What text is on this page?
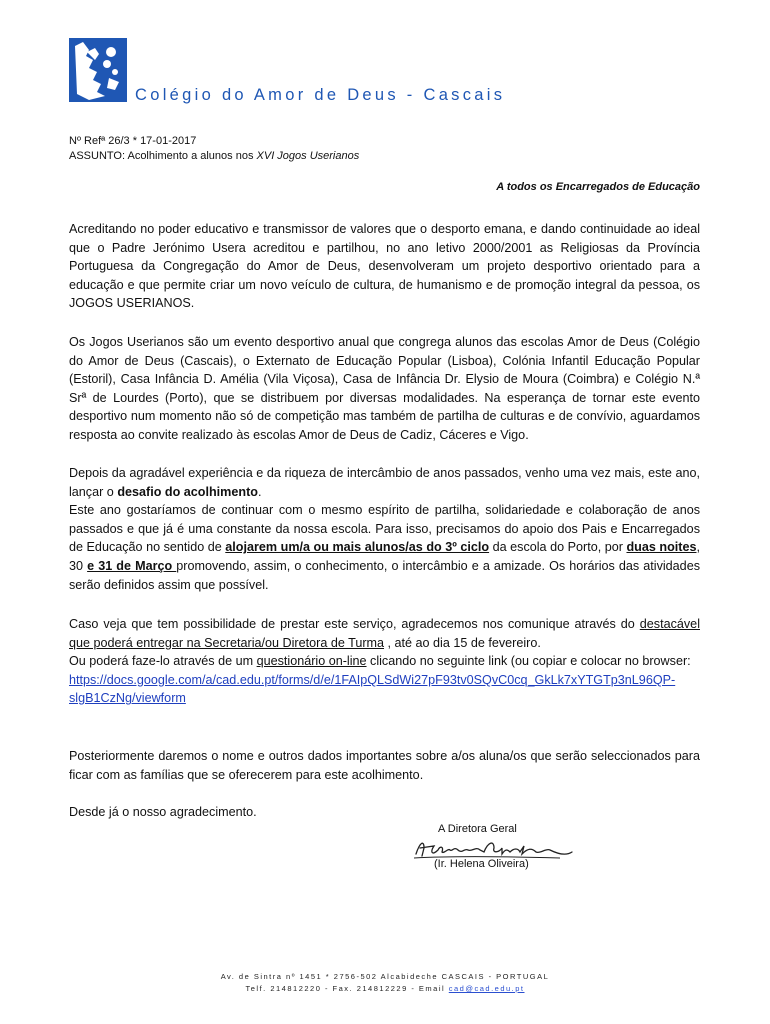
Colégio do Amor de Deus - Cascais
Nº Refª 26/3 * 17-01-2017
ASSUNTO: Acolhimento a alunos nos XVI Jogos Userianos
A todos os Encarregados de Educação
Acreditando no poder educativo e transmissor de valores que o desporto emana, e dando continuidade ao ideal que o Padre Jerónimo Usera acreditou e partilhou, no ano letivo 2000/2001 as Religiosas da Província Portuguesa da Congregação do Amor de Deus, desenvolveram um projeto desportivo orientado para a educação e que permite criar um novo veículo de cultura, de humanismo e de promoção integral da pessoa, os JOGOS USERIANOS.
Os Jogos Userianos são um evento desportivo anual que congrega alunos das escolas Amor de Deus (Colégio do Amor de Deus (Cascais), o Externato de Educação Popular (Lisboa), Colónia Infantil Educação Popular (Estoril), Casa Infância D. Amélia (Vila Viçosa), Casa de Infância Dr. Elysio de Moura (Coimbra) e Colégio N.ª Srª de Lourdes (Porto), que se distribuem por diversas modalidades. Na esperança de tornar este evento desportivo num momento não só de competição mas também de partilha de culturas e de convívio, aguardamos resposta ao convite realizado às escolas Amor de Deus de Cadiz, Cáceres e Vigo.
Depois da agradável experiência e da riqueza de intercâmbio de anos passados, venho uma vez mais, este ano, lançar o desafio do acolhimento.
Este ano gostaríamos de continuar com o mesmo espírito de partilha, solidariedade e colaboração de anos passados e que já é uma constante da nossa escola. Para isso, precisamos do apoio dos Pais e Encarregados de Educação no sentido de alojarem um/a ou mais alunos/as do 3º ciclo da escola do Porto, por duas noites, 30 e 31 de Março promovendo, assim, o conhecimento, o intercâmbio e a amizade. Os horários das atividades serão definidos assim que possível.
Caso veja que tem possibilidade de prestar este serviço, agradecemos nos comunique através do destacável que poderá entregar na Secretaria/ou Diretora de Turma , até ao dia 15 de fevereiro.
Ou poderá faze-lo através de um questionário on-line clicando no seguinte link (ou copiar e colocar no browser:
https://docs.google.com/a/cad.edu.pt/forms/d/e/1FAIpQLSdWi27pF93tv0SQvC0cq_GkLk7xYTGTp3nL96QP-slgB1CzNg/viewform
Posteriormente daremos o nome e outros dados importantes sobre a/os aluna/os que serão seleccionados para ficar com as famílias que se oferecerem para este acolhimento.
Desde já o nosso agradecimento.
A Diretora Geral
(Ir. Helena Oliveira)
Av. de Sintra nº 1451 * 2756-502 Alcabideche CASCAIS - PORTUGAL
Telf. 214812220 - Fax. 214812229 - Email cad@cad.edu.pt
